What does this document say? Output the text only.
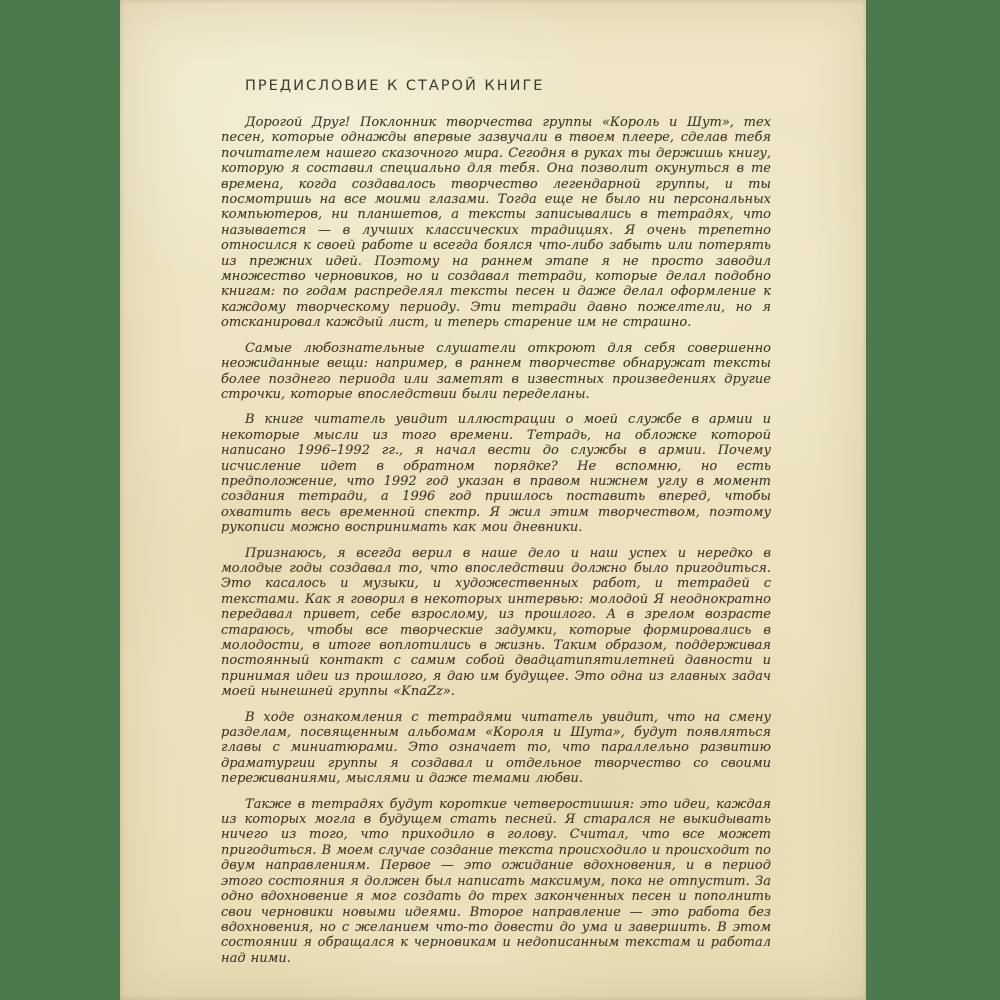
ПРЕДИСЛОВИЕ К СТАРОЙ КНИГЕ

Дорогой Друг! Поклонник творчества группы «Король и Шут», тех песен, которые однажды впервые зазвучали в твоем плеере, сделав тебя почитателем нашего сказочного мира. Сегодня в руках ты держишь книгу, которую я составил специально для тебя. Она позволит окунуться в те времена, когда создавалось творчество легендарной группы, и ты посмотришь на все моими глазами. Тогда еще не было ни персональных компьютеров, ни планшетов, а тексты записывались в тетрадях, что называется — в лучших классических традициях. Я очень трепетно относился к своей работе и всегда боялся что-либо забыть или потерять из прежних идей. Поэтому на раннем этапе я не просто заводил множество черновиков, но и создавал тетради, которые делал подобно книгам: по годам распределял тексты песен и даже делал оформление к каждому творческому периоду. Эти тетради давно пожелтели, но я отсканировал каждый лист, и теперь старение им не страшно.

Самые любознательные слушатели откроют для себя совершенно неожиданные вещи: например, в раннем творчестве обнаружат тексты более позднего периода или заметят в известных произведениях другие строчки, которые впоследствии были переделаны.

В книге читатель увидит иллюстрации о моей службе в армии и некоторые мысли из того времени. Тетрадь, на обложке которой написано 1996–1992 гг., я начал вести до службы в армии. Почему исчисление идет в обратном порядке? Не вспомню, но есть предположение, что 1992 год указан в правом нижнем углу в момент создания тетради, а 1996 год пришлось поставить вперед, чтобы охватить весь временной спектр. Я жил этим творчеством, поэтому рукописи можно воспринимать как мои дневники.

Признаюсь, я всегда верил в наше дело и наш успех и нередко в молодые годы создавал то, что впоследствии должно было пригодиться. Это касалось и музыки, и художественных работ, и тетрадей с текстами. Как я говорил в некоторых интервью: молодой Я неоднократно передавал привет, себе взрослому, из прошлого. А в зрелом возрасте стараюсь, чтобы все творческие задумки, которые формировались в молодости, в итоге воплотились в жизнь. Таким образом, поддерживая постоянный контакт с самим собой двадцатипятилетней давности и принимая идеи из прошлого, я даю им будущее. Это одна из главных задач моей нынешней группы «KnaZz».

В ходе ознакомления с тетрадями читатель увидит, что на смену разделам, посвященным альбомам «Короля и Шута», будут появляться главы с миниатюрами. Это означает то, что параллельно развитию драматургии группы я создавал и отдельное творчество со своими переживаниями, мыслями и даже темами любви.

Также в тетрадях будут короткие четверостишия: это идеи, каждая из которых могла в будущем стать песней. Я старался не выкидывать ничего из того, что приходило в голову. Считал, что все может пригодиться. В моем случае создание текста происходило и происходит по двум направлениям. Первое — это ожидание вдохновения, и в период этого состояния я должен был написать максимум, пока не отпустит. За одно вдохновение я мог создать до трех законченных песен и пополнить свои черновики новыми идеями. Второе направление — это работа без вдохновения, но с желанием что-то довести до ума и завершить. В этом состоянии я обращался к черновикам и недописанным текстам и работал над ними.
